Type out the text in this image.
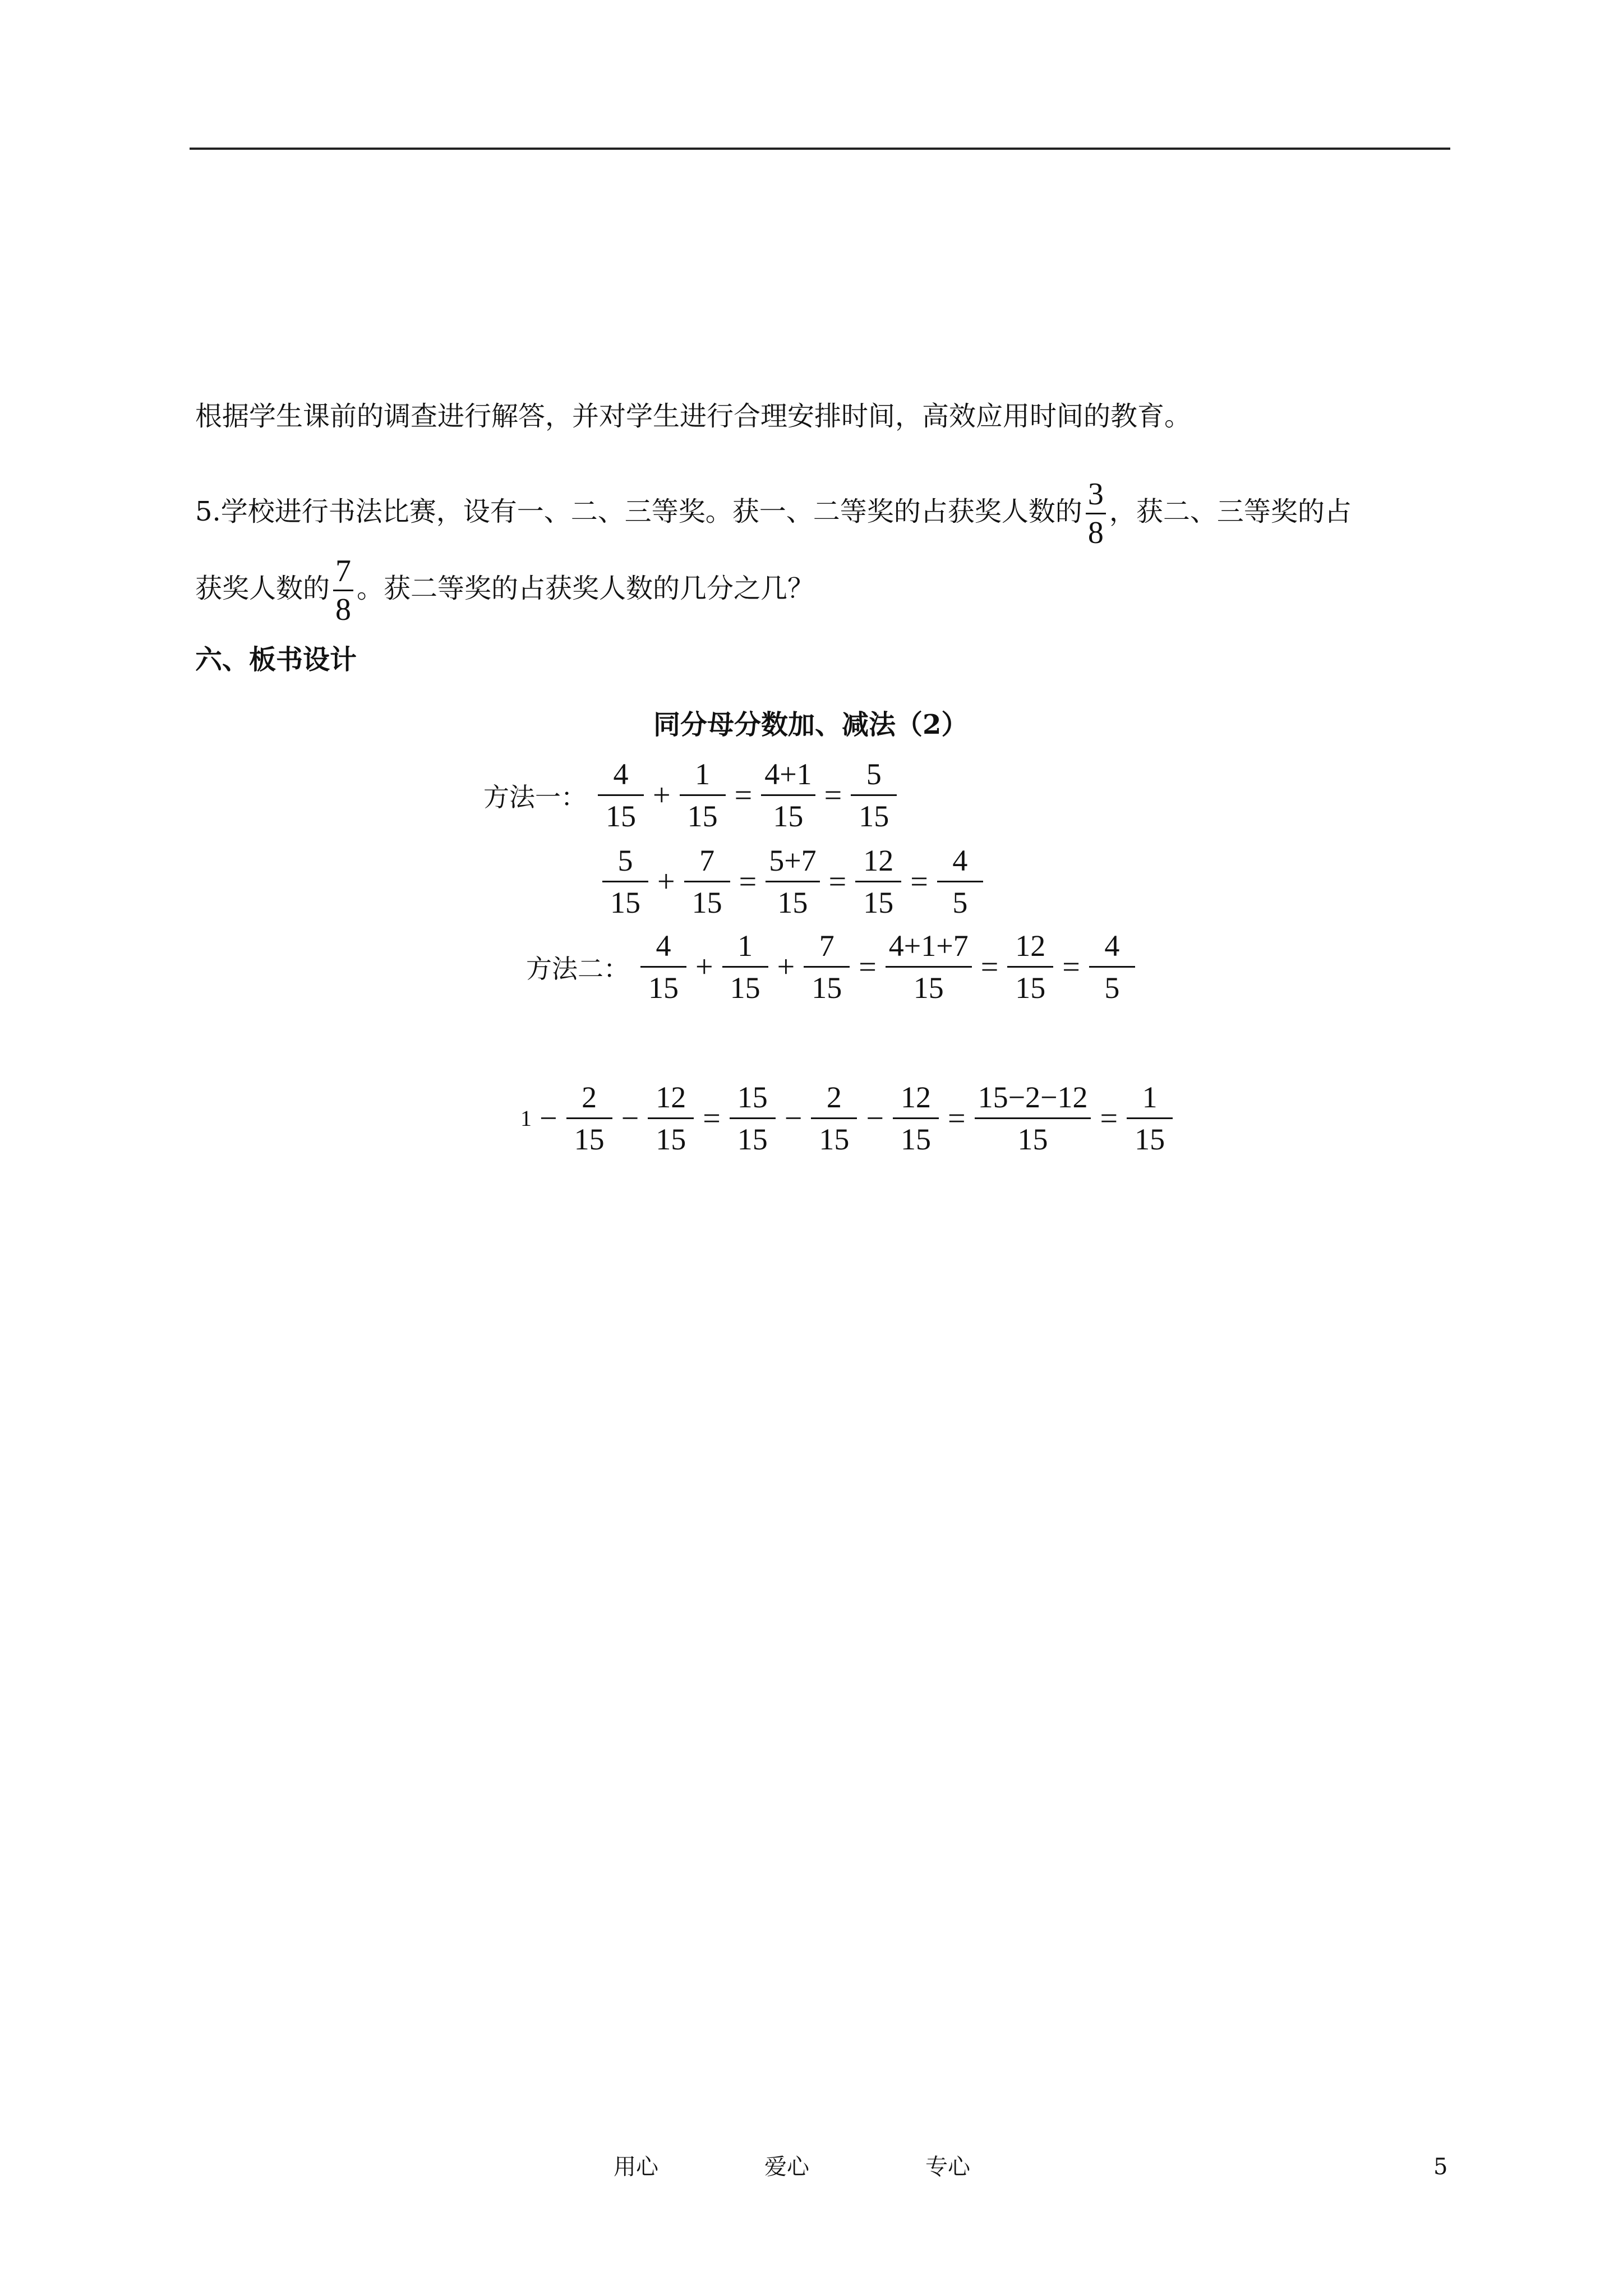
根据学生课前的调查进行解答，并对学生进行合理安排时间，高效应用时间的教育。
5.学校进行书法比赛，设有一、二、三等奖。获一、二等奖的占获奖人数的 $\frac{3}{8}$ ，获二、三等奖的占
获奖人数的 $\frac{7}{8}$ 。获二等奖的占获奖人数的几分之几？
六、板书设计
同分母分数加、减法（2）
方法一： $\frac{4}{15} + \frac{1}{15} = \frac{4+1}{15} = \frac{5}{15}$
$\frac{5}{15} + \frac{7}{15} = \frac{5+7}{15} = \frac{12}{15} = \frac{4}{5}$
方法二： $\frac{4}{15} + \frac{1}{15} + \frac{7}{15} = \frac{4+1+7}{15} = \frac{12}{15} = \frac{4}{5}$
$1 - \frac{2}{15} - \frac{12}{15} = \frac{15}{15} - \frac{2}{15} - \frac{12}{15} = \frac{15-2-12}{15} = \frac{1}{15}$
用心	爱心	专心	5
